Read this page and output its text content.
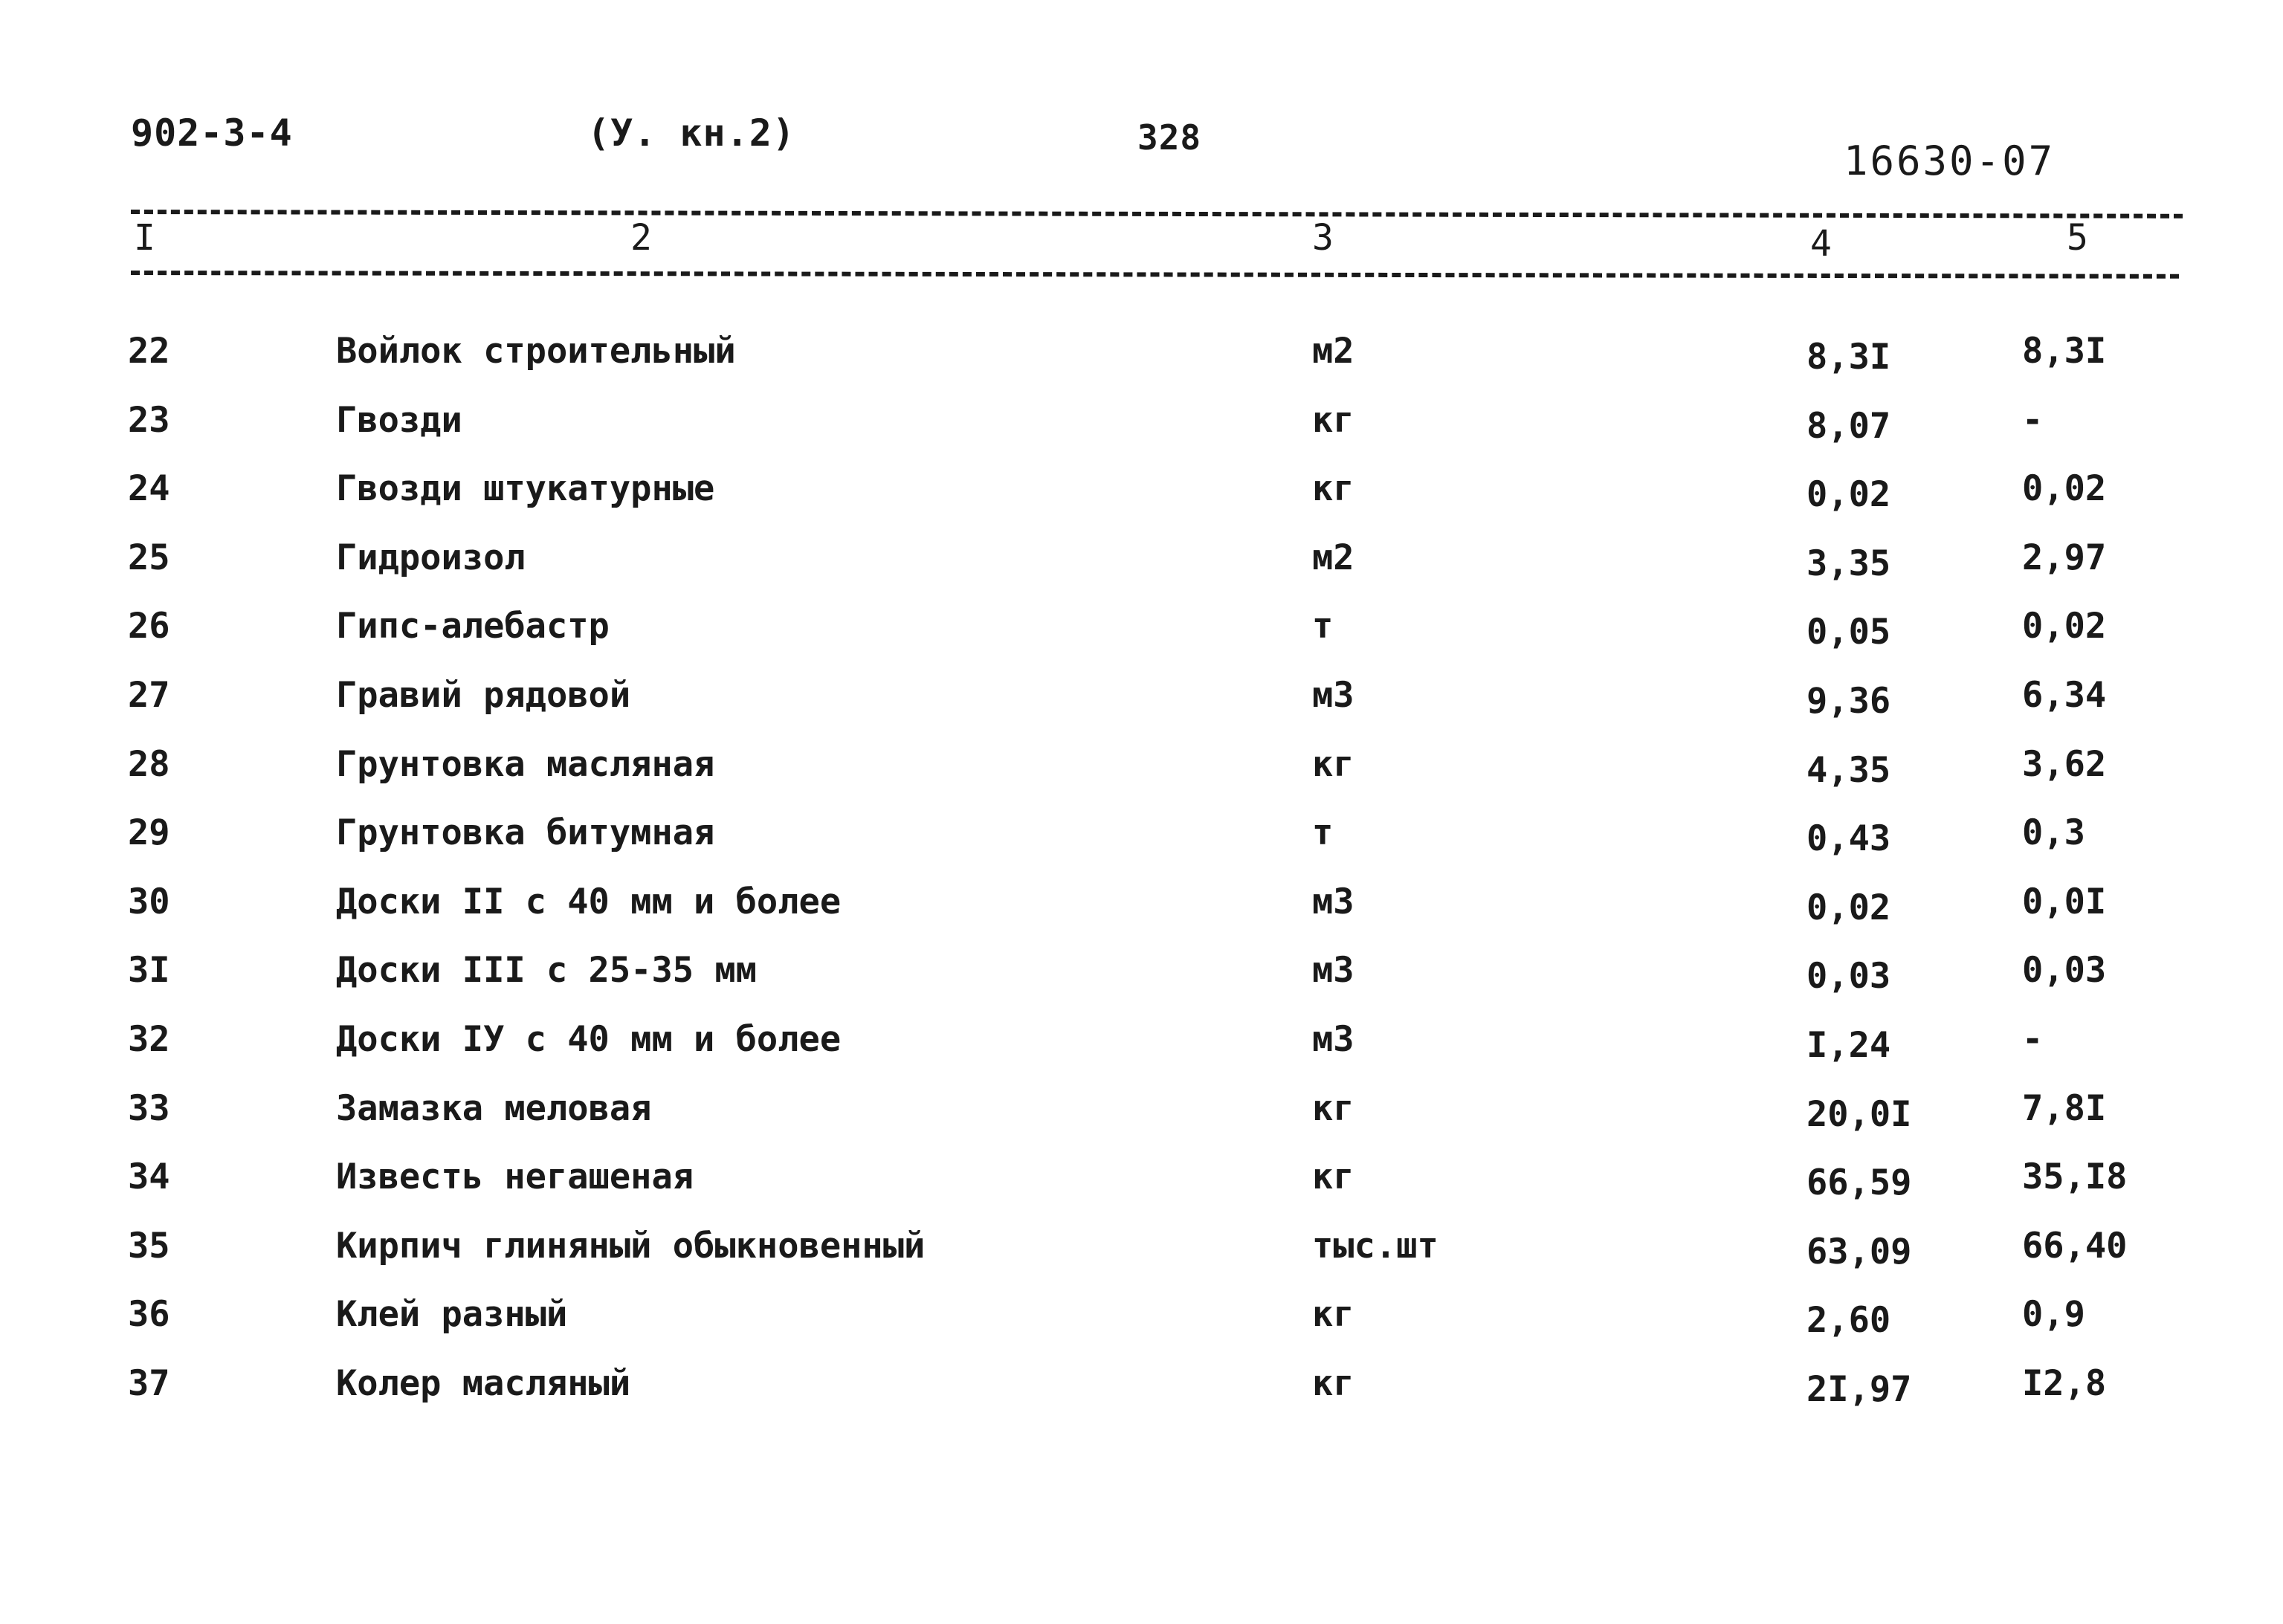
902-3-4	(У. кн.2)	328	16630-07
I	2	3	4	5
22	Войлок строительный	м2	8,3I	8,3I
23	Гвозди	кг	8,07	-
24	Гвозди штукатурные	кг	0,02	0,02
25	Гидроизол	м2	3,35	2,97
26	Гипс-алебастр	т	0,05	0,02
27	Гравий рядовой	м3	9,36	6,34
28	Грунтовка масляная	кг	4,35	3,62
29	Грунтовка битумная	т	0,43	0,3
30	Доски II с 40 мм и более	м3	0,02	0,0I
3I	Доски III с 25-35 мм	м3	0,03	0,03
32	Доски IУ с 40 мм и более	м3	I,24	-
33	Замазка меловая	кг	20,0I	7,8I
34	Известь негашеная	кг	66,59	35,I8
35	Кирпич глиняный обыкновенный	тыс.шт	63,09	66,40
36	Клей разный	кг	2,60	0,9
37	Колер масляный	кг	2I,97	I2,8
